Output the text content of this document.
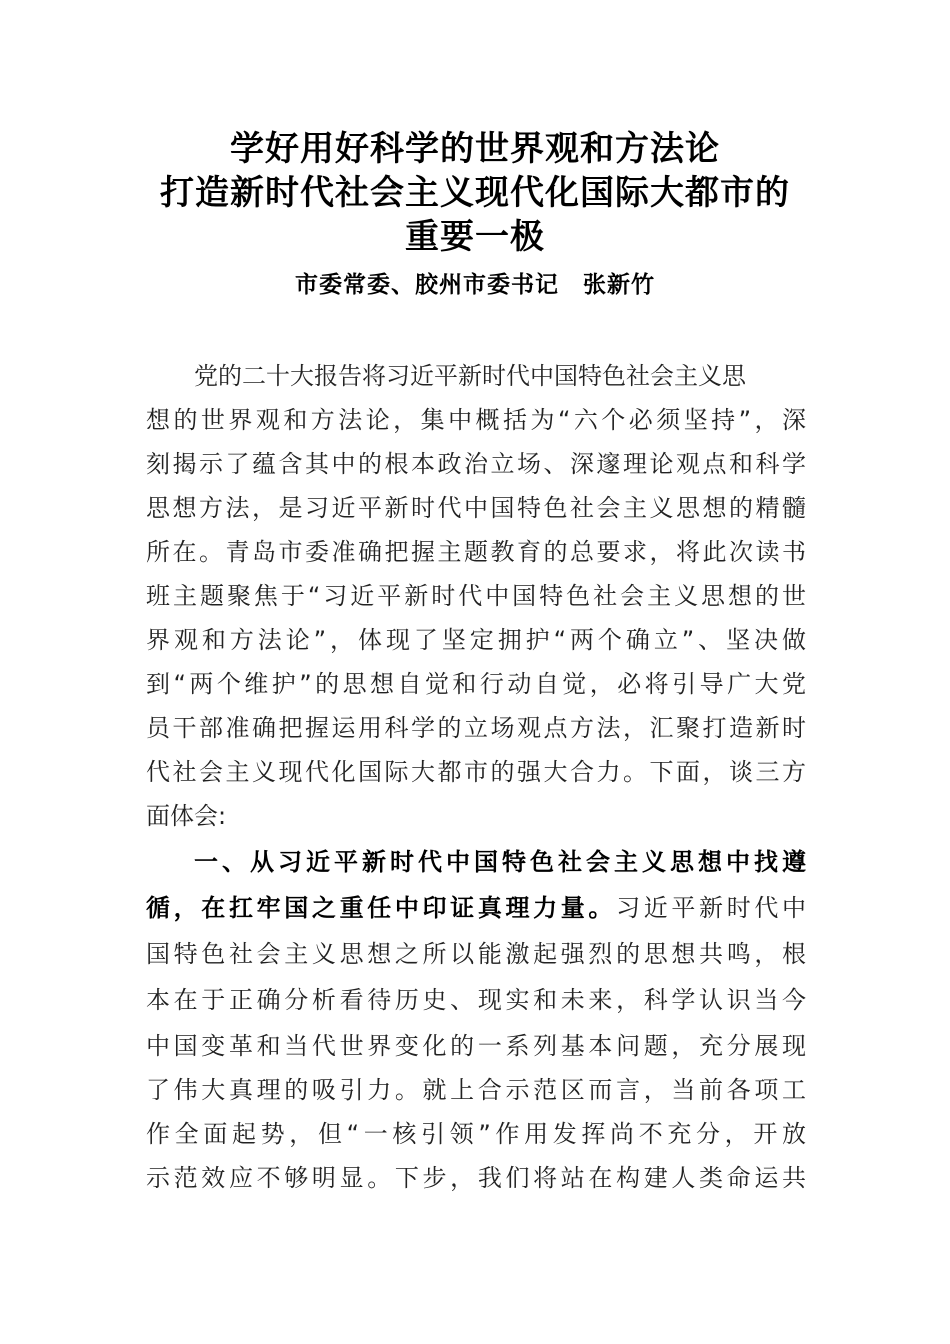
学好用好科学的世界观和方法论
打造新时代社会主义现代化国际大都市的
重要一极
市委常委、胶州市委书记 张新竹
党的二十大报告将习近平新时代中国特色社会主义思
想的世界观和方法论，集中概括为“六个必须坚持”，深
刻揭示了蕴含其中的根本政治立场、深邃理论观点和科学
思想方法，是习近平新时代中国特色社会主义思想的精髓
所在。青岛市委准确把握主题教育的总要求，将此次读书
班主题聚焦于“习近平新时代中国特色社会主义思想的世
界观和方法论”，体现了坚定拥护“两个确立”、坚决做
到“两个维护”的思想自觉和行动自觉，必将引导广大党
员干部准确把握运用科学的立场观点方法，汇聚打造新时
代社会主义现代化国际大都市的强大合力。下面，谈三方
面体会:
一、从习近平新时代中国特色社会主义思想中找遵
循，在扛牢国之重任中印证真理力量。习近平新时代中
国特色社会主义思想之所以能激起强烈的思想共鸣，根
本在于正确分析看待历史、现实和未来，科学认识当今
中国变革和当代世界变化的一系列基本问题，充分展现
了伟大真理的吸引力。就上合示范区而言，当前各项工
作全面起势，但“一核引领”作用发挥尚不充分，开放
示范效应不够明显。下步，我们将站在构建人类命运共
